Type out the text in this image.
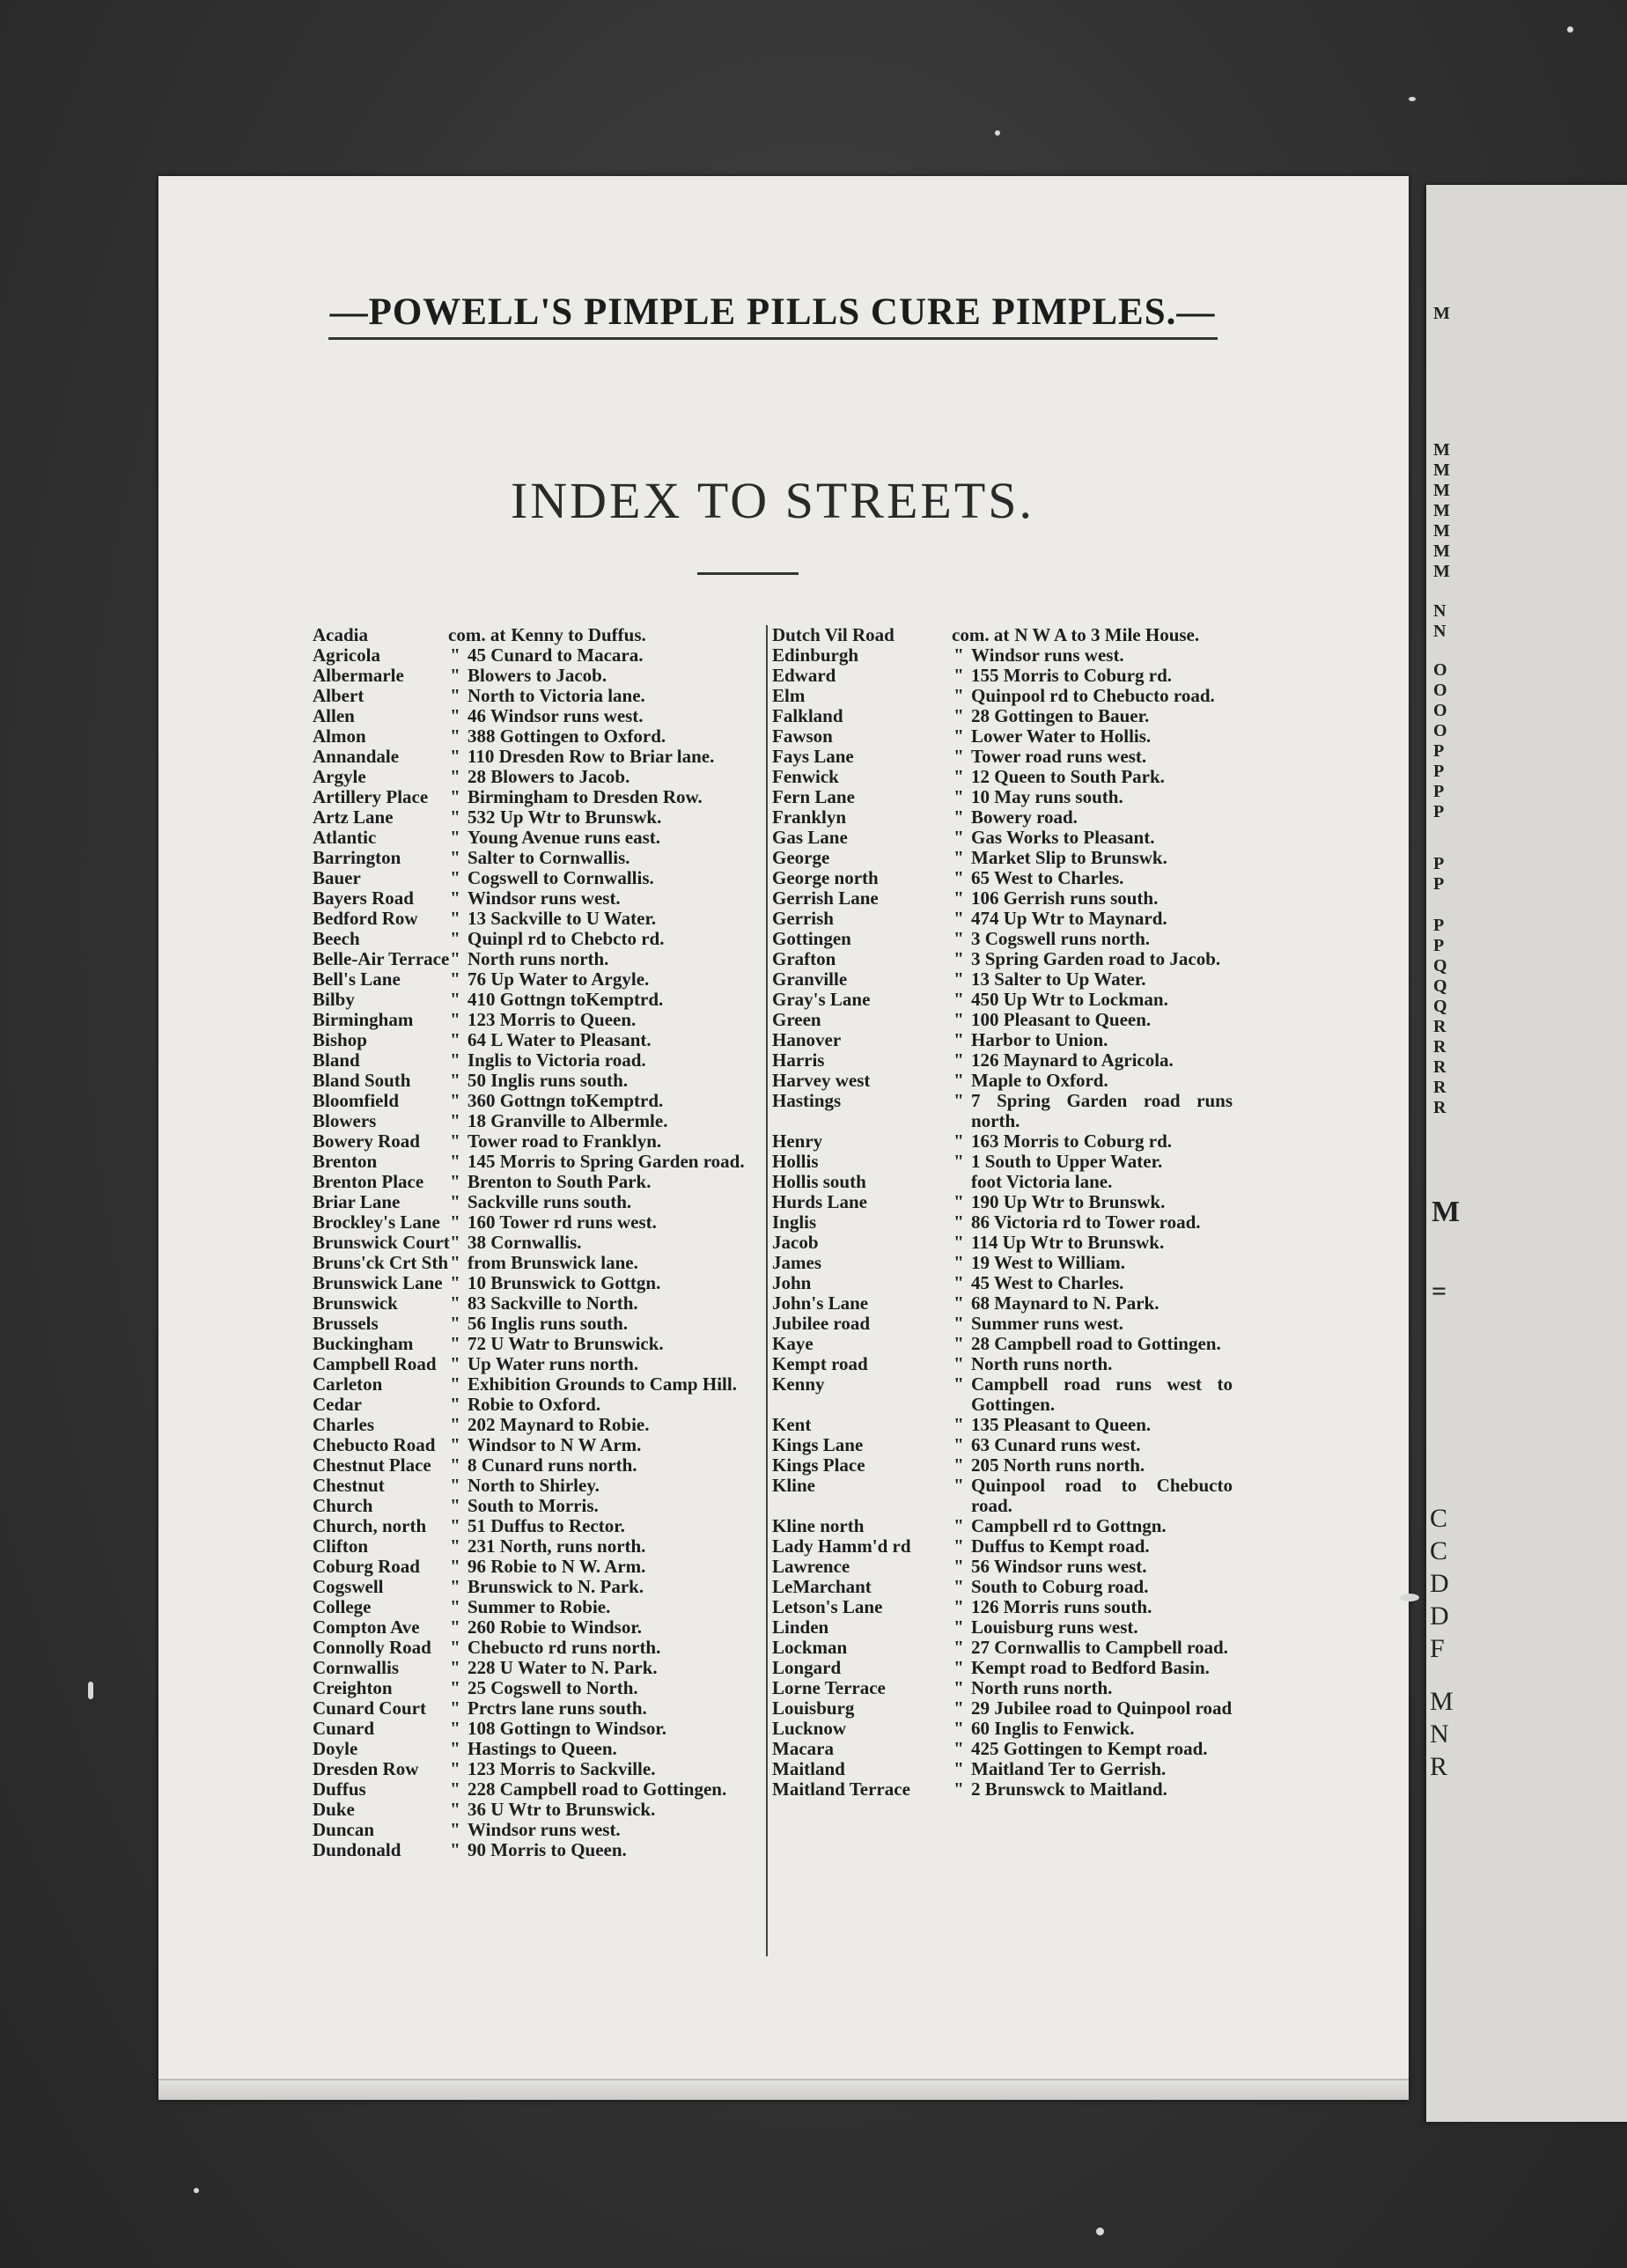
M
M
M
M
M
M
M
M
N
N
O
O
O
O
P
P
P
P
P
P
P
P
Q
Q
Q
R
R
R
R
R
M
=
C
C
D
D
F
M
N
R
—POWELL'S PIMPLE PILLS CURE PIMPLES.—
INDEX TO STREETS.
Acadia	com. at Kenny to Duffus.
Agricola	" 45 Cunard to Macara.
Albermarle	" Blowers to Jacob.
Albert	" North to Victoria lane.
Allen	" 46 Windsor runs west.
Almon	" 388 Gottingen to Oxford.
Annandale	" 110 Dresden Row to Briar lane.
Argyle	" 28 Blowers to Jacob.
Artillery Place	" Birmingham to Dresden Row.
Artz Lane	" 532 Up Wtr to Brunswk.
Atlantic	" Young Avenue runs east.
Barrington	" Salter to Cornwallis.
Bauer	" Cogswell to Cornwallis.
Bayers Road	" Windsor runs west.
Bedford Row	" 13 Sackville to U Water.
Beech	" Quinpl rd to Chebcto rd.
Belle-Air Terrace " North runs north.
Bell's Lane	" 76 Up Water to Argyle.
Bilby	" 410 Gottngn toKemptrd.
Birmingham	" 123 Morris to Queen.
Bishop	" 64 L Water to Pleasant.
Bland	" Inglis to Victoria road.
Bland South	" 50 Inglis runs south.
Bloomfield	" 360 Gottngn toKemptrd.
Blowers	" 18 Granville to Albermle.
Bowery Road	" Tower road to Franklyn.
Brenton	" 145 Morris to Spring Garden road.
Brenton Place	" Brenton to South Park.
Briar Lane	" Sackville runs south.
Brockley's Lane " 160 Tower rd runs west.
Brunswick Court " 38 Cornwallis.
Bruns'ck Crt Sth " from Brunswick lane.
Brunswick Lane " 10 Brunswick to Gottgn.
Brunswick	" 83 Sackville to North.
Brussels	" 56 Inglis runs south.
Buckingham	" 72 U Watr to Brunswick.
Campbell Road " Up Water runs north.
Carleton	" Exhibition Grounds to Camp Hill.
Cedar	" Robie to Oxford.
Charles	" 202 Maynard to Robie.
Chebucto Road " Windsor to N W Arm.
Chestnut Place	" 8 Cunard runs north.
Chestnut	" North to Shirley.
Church	" South to Morris.
Church, north	" 51 Duffus to Rector.
Clifton	" 231 North, runs north.
Coburg Road	" 96 Robie to N W. Arm.
Cogswell	" Brunswick to N. Park.
College	" Summer to Robie.
Compton Ave	" 260 Robie to Windsor.
Connolly Road	" Chebucto rd runs north.
Cornwallis	" 228 U Water to N. Park.
Creighton	" 25 Cogswell to North.
Cunard Court	" Prctrs lane runs south.
Cunard	" 108 Gottingn to Windsor.
Doyle	" Hastings to Queen.
Dresden Row	" 123 Morris to Sackville.
Duffus	" 228 Campbell road to Gottingen.
Duke	" 36 U Wtr to Brunswick.
Duncan	" Windsor runs west.
Dundonald	" 90 Morris to Queen.
Dutch Vil Road	com. at N W A to 3 Mile House.
Edinburgh	" Windsor runs west.
Edward	" 155 Morris to Coburg rd.
Elm	" Quinpool rd to Chebucto road.
Falkland	" 28 Gottingen to Bauer.
Fawson	" Lower Water to Hollis.
Fays Lane	" Tower road runs west.
Fenwick	" 12 Queen to South Park.
Fern Lane	" 10 May runs south.
Franklyn	" Bowery road.
Gas Lane	" Gas Works to Pleasant.
George	" Market Slip to Brunswk.
George north	" 65 West to Charles.
Gerrish Lane	" 106 Gerrish runs south.
Gerrish	" 474 Up Wtr to Maynard.
Gottingen	" 3 Cogswell runs north.
Grafton	" 3 Spring Garden road to Jacob.
Granville	" 13 Salter to Up Water.
Gray's Lane	" 450 Up Wtr to Lockman.
Green	" 100 Pleasant to Queen.
Hanover	" Harbor to Union.
Harris	" 126 Maynard to Agricola.
Harvey west	" Maple to Oxford.
Hastings	" 7 Spring Garden road runs north.
Henry	" 163 Morris to Coburg rd.
Hollis	" 1 South to Upper Water.
Hollis south	foot Victoria lane.
Hurds Lane	" 190 Up Wtr to Brunswk.
Inglis	" 86 Victoria rd to Tower road.
Jacob	" 114 Up Wtr to Brunswk.
James	" 19 West to William.
John	" 45 West to Charles.
John's Lane	" 68 Maynard to N. Park.
Jubilee road	" Summer runs west.
Kaye	" 28 Campbell road to Gottingen.
Kempt road	" North runs north.
Kenny	" Campbell road runs west to Gottingen.
Kent	" 135 Pleasant to Queen.
Kings Lane	" 63 Cunard runs west.
Kings Place	" 205 North runs north.
Kline	" Quinpool road to Chebucto road.
Kline north	" Campbell rd to Gottngn.
Lady Hamm'd rd	" Duffus to Kempt road.
Lawrence	" 56 Windsor runs west.
LeMarchant	" South to Coburg road.
Letson's Lane	" 126 Morris runs south.
Linden	" Louisburg runs west.
Lockman	" 27 Cornwallis to Campbell road.
Longard	" Kempt road to Bedford Basin.
Lorne Terrace	" North runs north.
Louisburg	" 29 Jubilee road to Quinpool road
Lucknow	" 60 Inglis to Fenwick.
Macara	" 425 Gottingen to Kempt road.
Maitland	" Maitland Ter to Gerrish.
Maitland Terrace	" 2 Brunswck to Maitland.
